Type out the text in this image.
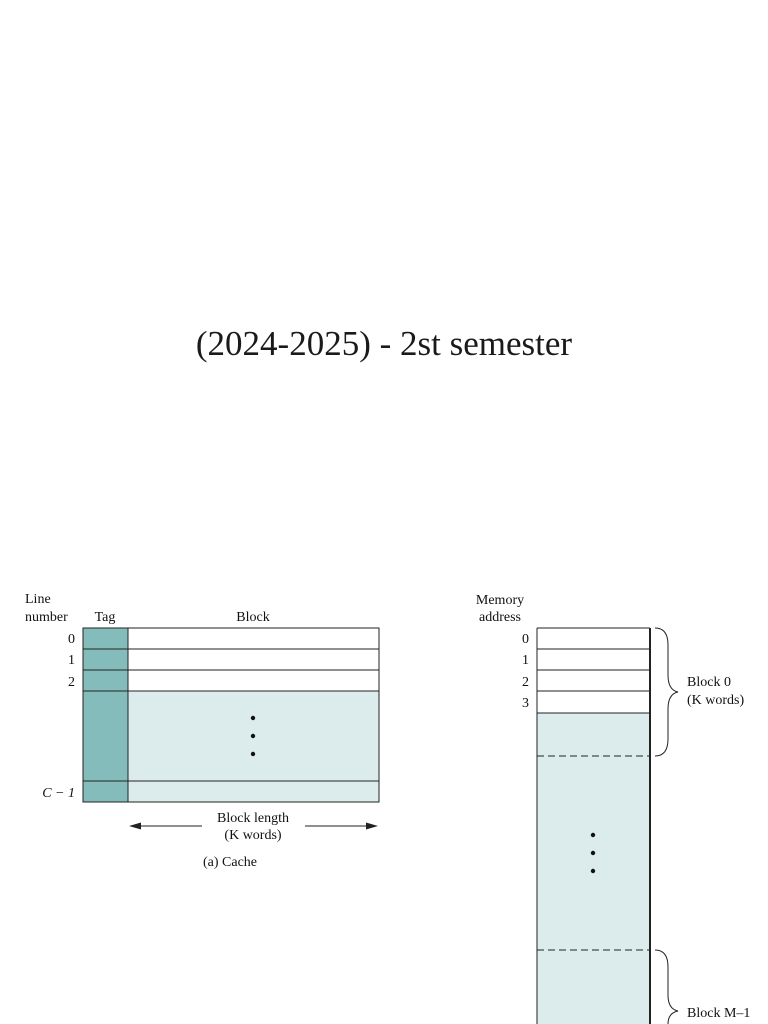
(2024-2025) - 2st semester
Line
number Tag	Block
0
1
2
C − 1
Block length
(K words)
(a) Cache
Memory
address
0
1
2
3
Block 0
(K words)
Block M–1
